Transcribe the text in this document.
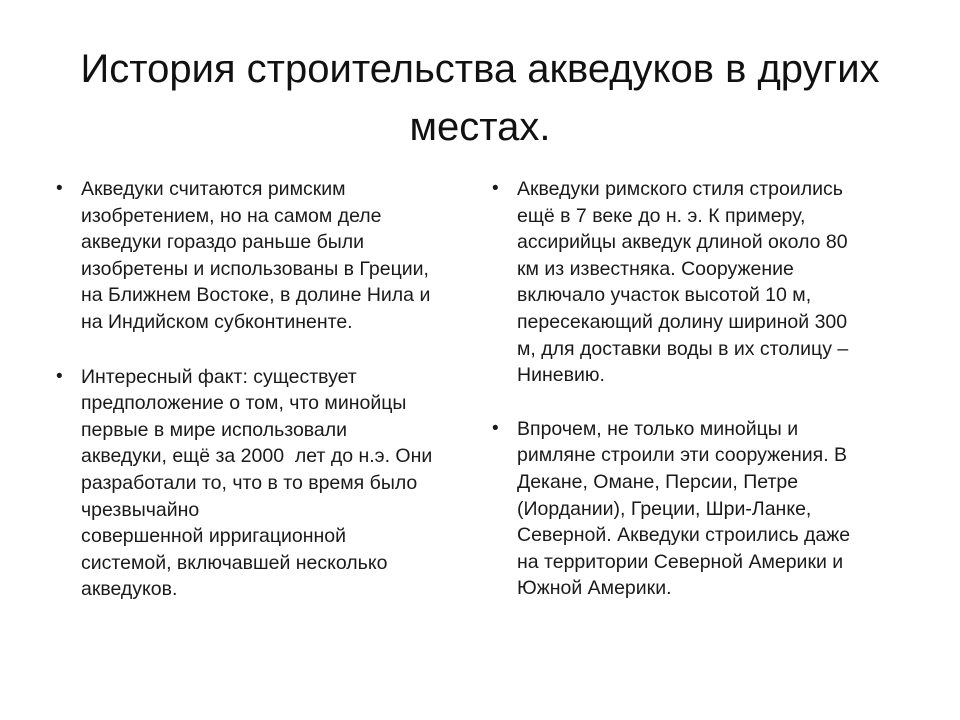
История строительства акведуков в других
местах.
• Акведуки считаются римским
изобретением, но на самом деле
акведуки гораздо раньше были
изобретены и использованы в Греции,
на Ближнем Востоке, в долине Нила и
на Индийском субконтиненте.
• Интересный факт: существует
предположение о том, что минойцы
первые в мире использовали
акведуки, ещё за 2000  лет до н.э. Они
разработали то, что в то время было
чрезвычайно
совершенной ирригационной
системой, включавшей несколько
акведуков.
• Акведуки римского стиля строились
ещё в 7 веке до н. э. К примеру,
ассирийцы акведук длиной около 80
км из известняка. Сооружение
включало участок высотой 10 м,
пересекающий долину шириной 300
м, для доставки воды в их столицу –
Ниневию.
• Впрочем, не только минойцы и
римляне строили эти сооружения. В
Декане, Омане, Персии, Петре
(Иордании), Греции, Шри-Ланке,
Северной. Акведуки строились даже
на территории Северной Америки и
Южной Америки.
